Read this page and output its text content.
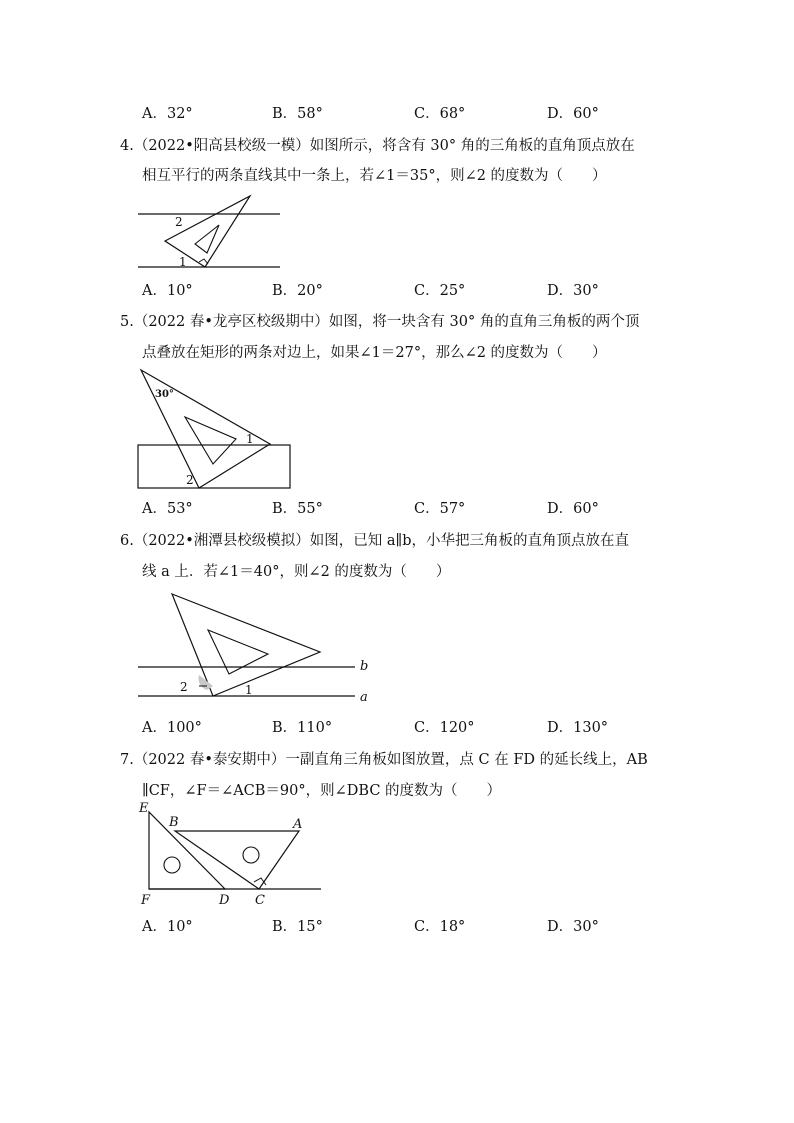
A．32°	B．58°	C．68°	D．60°
4.（2022•阳高县校级一模）如图所示，将含有 30° 角的三角板的直角顶点放在
相互平行的两条直线其中一条上，若∠1＝35°，则∠2 的度数为（　　）
2
1
A．10°	B．20°	C．25°	D．30°
5.（2022 春•龙亭区校级期中）如图，将一块含有 30° 角的直角三角板的两个顶
点叠放在矩形的两条对边上，如果∠1＝27°，那么∠2 的度数为（　　）
30°
1
2
A．53°	B．55°	C．57°	D．60°
6.（2022•湘潭县校级模拟）如图，已知 a∥b，小华把三角板的直角顶点放在直
线 a 上．若∠1＝40°，则∠2 的度数为（　　）
b
a
2	1
A．100°	B．110°	C．120°	D．130°
7.（2022 春•泰安期中）一副直角三角板如图放置，点 C 在 FD 的延长线上，AB
∥CF，∠F＝∠ACB＝90°，则∠DBC 的度数为（　　）
E
B	A
F	D C
A．10°	B．15°	C．18°	D．30°
